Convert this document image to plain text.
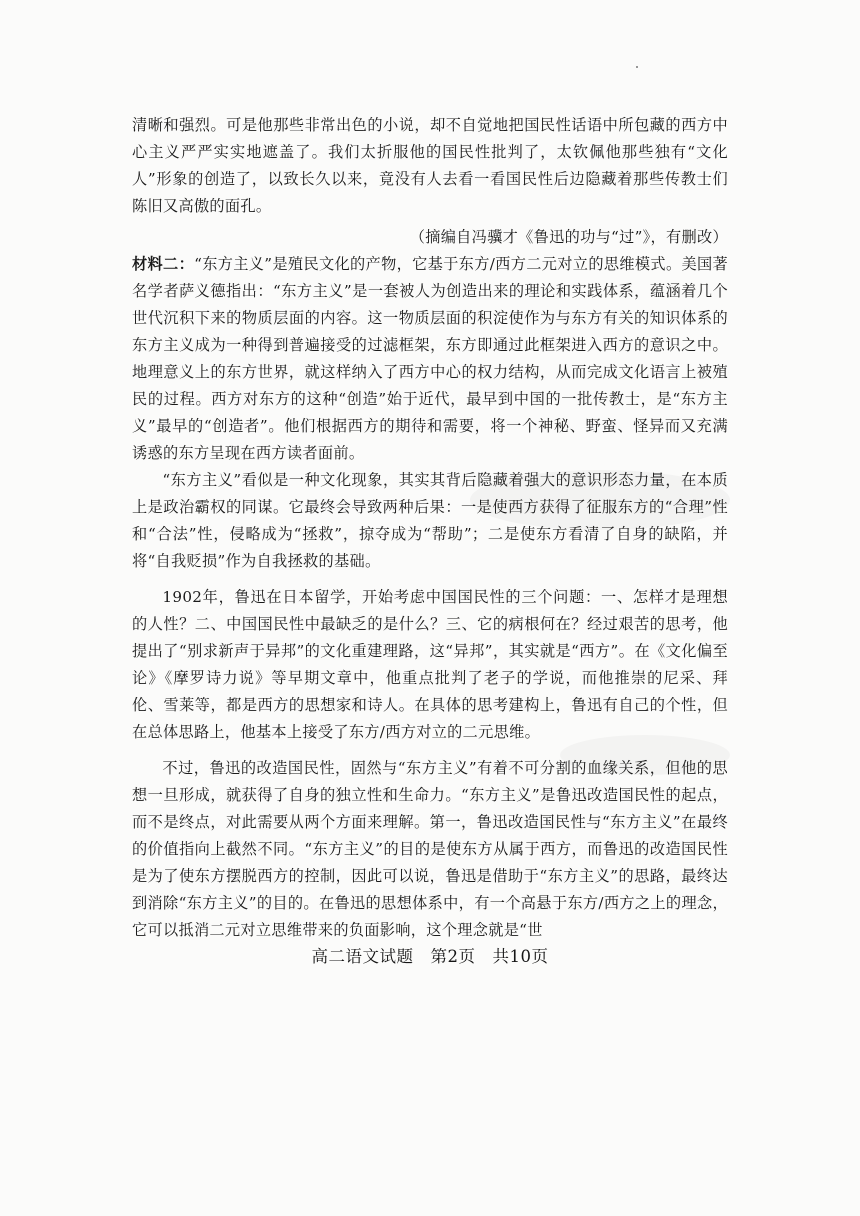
清晰和强烈。可是他那些非常出色的小说，却不自觉地把国民性话语中所包藏的西方中心主义严严实实地遮盖了。我们太折服他的国民性批判了，太钦佩他那些独有“文化人”形象的创造了，以致长久以来，竟没有人去看一看国民性后边隐藏着那些传教士们陈旧又高傲的面孔。

（摘编自冯骥才《鲁迅的功与“过”》，有删改）

材料二：“东方主义”是殖民文化的产物，它基于东方/西方二元对立的思维模式。美国著名学者萨义德指出：“东方主义”是一套被人为创造出来的理论和实践体系，蕴涵着几个世代沉积下来的物质层面的内容。这一物质层面的积淀使作为与东方有关的知识体系的东方主义成为一种得到普遍接受的过滤框架，东方即通过此框架进入西方的意识之中。地理意义上的东方世界，就这样纳入了西方中心的权力结构，从而完成文化语言上被殖民的过程。西方对东方的这种“创造”始于近代，最早到中国的一批传教士，是“东方主义”最早的“创造者”。他们根据西方的期待和需要，将一个神秘、野蛮、怪异而又充满诱惑的东方呈现在西方读者面前。

“东方主义”看似是一种文化现象，其实其背后隐藏着强大的意识形态力量，在本质上是政治霸权的同谋。它最终会导致两种后果：一是使西方获得了征服东方的“合理”性和“合法”性，侵略成为“拯救”，掠夺成为“帮助”；二是使东方看清了自身的缺陷，并将“自我贬损”作为自我拯救的基础。

1902年，鲁迅在日本留学，开始考虑中国国民性的三个问题：一、怎样才是理想的人性？二、中国国民性中最缺乏的是什么？三、它的病根何在？经过艰苦的思考，他提出了“别求新声于异邦”的文化重建理路，这“异邦”，其实就是“西方”。在《文化偏至论》《摩罗诗力说》等早期文章中，他重点批判了老子的学说，而他推崇的尼采、拜伦、雪莱等，都是西方的思想家和诗人。在具体的思考建构上，鲁迅有自己的个性，但在总体思路上，他基本上接受了东方/西方对立的二元思维。

不过，鲁迅的改造国民性，固然与“东方主义”有着不可分割的血缘关系，但他的思想一旦形成，就获得了自身的独立性和生命力。“东方主义”是鲁迅改造国民性的起点，而不是终点，对此需要从两个方面来理解。第一，鲁迅改造国民性与“东方主义”在最终的价值指向上截然不同。“东方主义”的目的是使东方从属于西方，而鲁迅的改造国民性是为了使东方摆脱西方的控制，因此可以说，鲁迅是借助于“东方主义”的思路，最终达到消除“东方主义”的目的。在鲁迅的思想体系中，有一个高悬于东方/西方之上的理念，它可以抵消二元对立思维带来的负面影响，这个理念就是“世

高二语文试题　第2页　共10页
